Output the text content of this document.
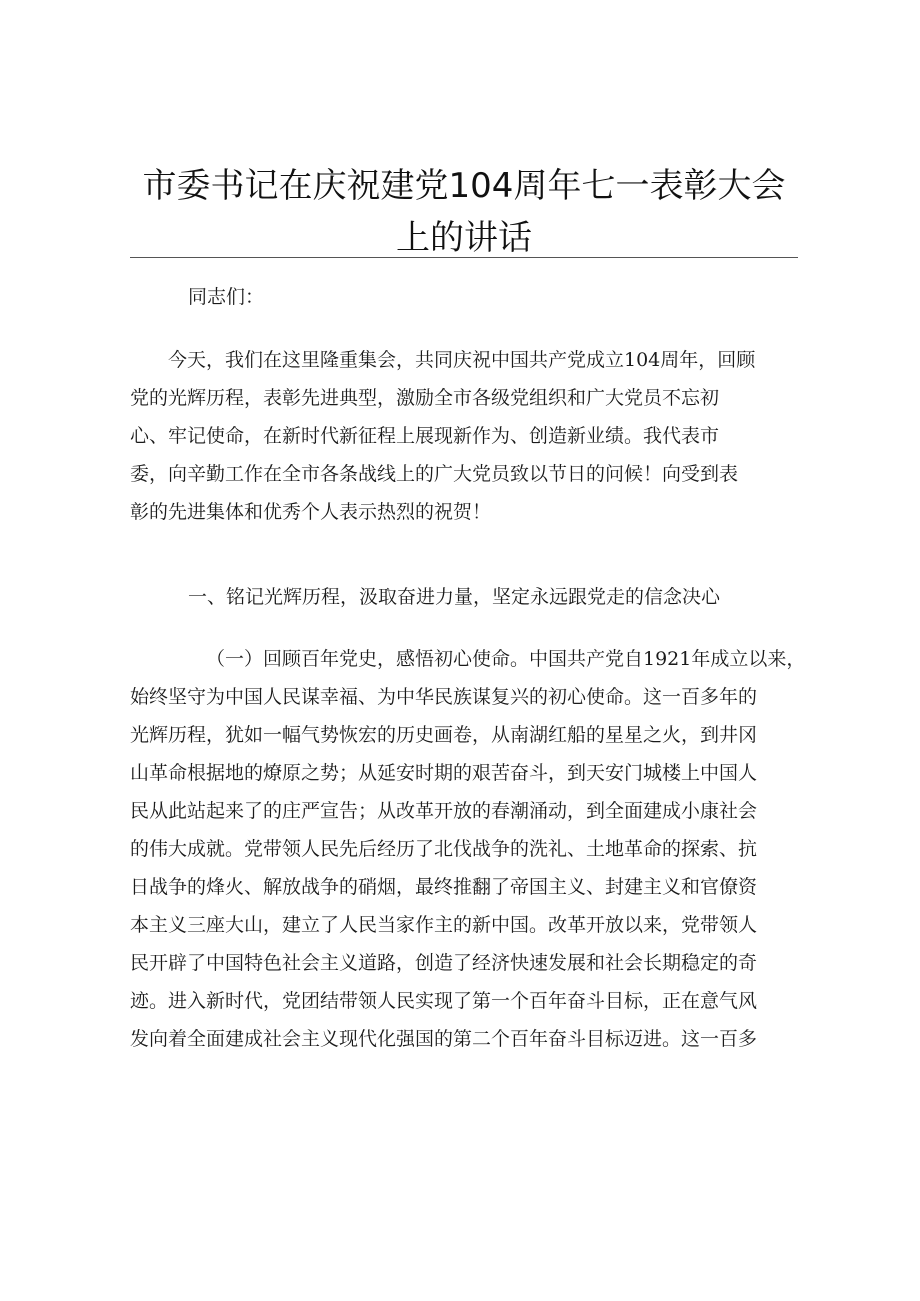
市委书记在庆祝建党104周年七一表彰大会
上的讲话
同志们：
今天，我们在这里隆重集会，共同庆祝中国共产党成立104周年，回顾
党的光辉历程，表彰先进典型，激励全市各级党组织和广大党员不忘初
心、牢记使命，在新时代新征程上展现新作为、创造新业绩。我代表市
委，向辛勤工作在全市各条战线上的广大党员致以节日的问候！向受到表
彰的先进集体和优秀个人表示热烈的祝贺！
一、铭记光辉历程，汲取奋进力量，坚定永远跟党走的信念决心
（一）回顾百年党史，感悟初心使命。中国共产党自1921年成立以来，
始终坚守为中国人民谋幸福、为中华民族谋复兴的初心使命。这一百多年的
光辉历程，犹如一幅气势恢宏的历史画卷，从南湖红船的星星之火，到井冈
山革命根据地的燎原之势；从延安时期的艰苦奋斗，到天安门城楼上中国人
民从此站起来了的庄严宣告；从改革开放的春潮涌动，到全面建成小康社会
的伟大成就。党带领人民先后经历了北伐战争的洗礼、土地革命的探索、抗
日战争的烽火、解放战争的硝烟，最终推翻了帝国主义、封建主义和官僚资
本主义三座大山，建立了人民当家作主的新中国。改革开放以来，党带领人
民开辟了中国特色社会主义道路，创造了经济快速发展和社会长期稳定的奇
迹。进入新时代，党团结带领人民实现了第一个百年奋斗目标，正在意气风
发向着全面建成社会主义现代化强国的第二个百年奋斗目标迈进。这一百多
